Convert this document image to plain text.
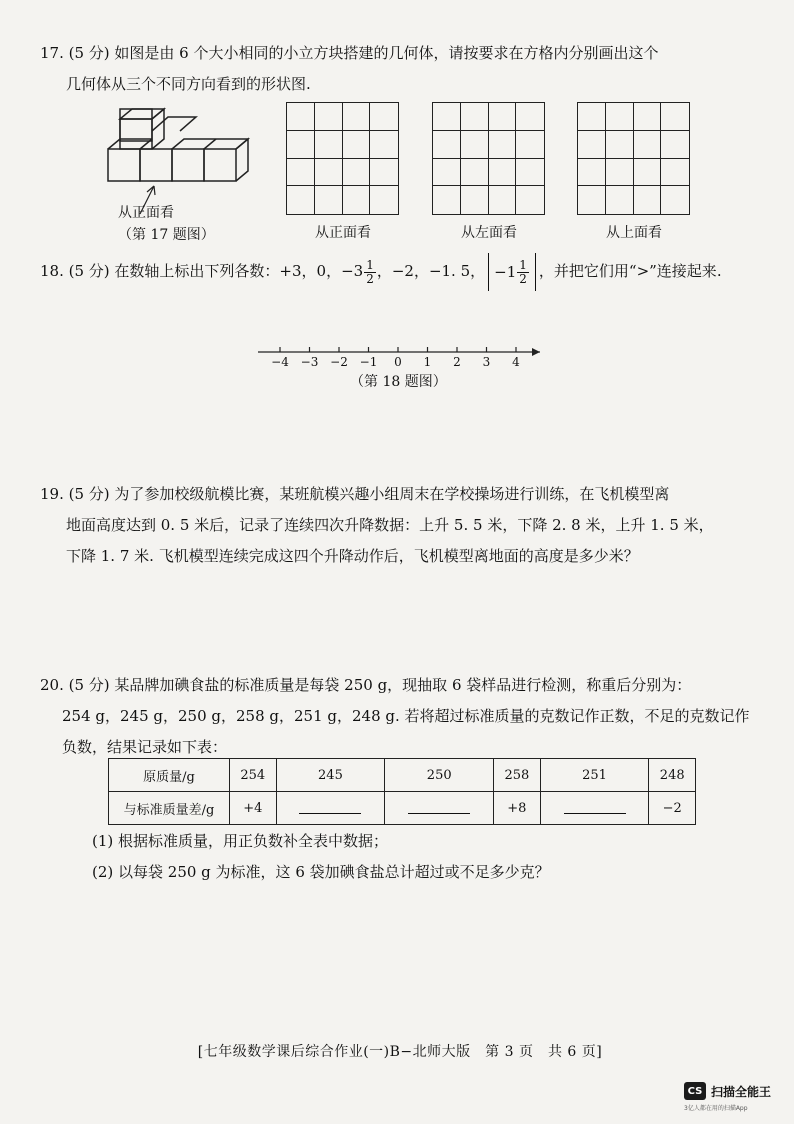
17. (5 分) 如图是由 6 个大小相同的小立方块搭建的几何体，请按要求在方格内分别画出这个
几何体从三个不同方向看到的形状图.
从正面看
（第 17 题图）	从正面看	从左面看	从上面看
18. (5 分) 在数轴上标出下列各数：+3，0，$-3 \frac{1}{2}$ ，−2，−1. 5， $-1 \frac{1}{2}$ ，并把它们用“>”连接起来.
−4 −3 −2 −1 0 1 2 3 4
（第 18 题图）
19. (5 分) 为了参加校级航模比赛，某班航模兴趣小组周末在学校操场进行训练，在飞机模型离
地面高度达到 0. 5 米后，记录了连续四次升降数据：上升 5. 5 米，下降 2. 8 米，上升 1. 5 米，
下降 1. 7 米. 飞机模型连续完成这四个升降动作后，飞机模型离地面的高度是多少米？
20. (5 分) 某品牌加碘食盐的标准质量是每袋 250 g，现抽取 6 袋样品进行检测，称重后分别为：
254 g，245 g，250 g，258 g，251 g，248 g. 若将超过标准质量的克数记作正数，不足的克数记作
负数，结果记录如下表：
原质量/g	254	245	250	258	251	248
与标准质量差/g	+4			+8		−2
(1) 根据标准质量，用正负数补全表中数据；
(2) 以每袋 250 g 为标准，这 6 袋加碘食盐总计超过或不足多少克？
[七年级数学课后综合作业(一)B−北师大版　第 3 页　共 6 页]
CS 扫描全能王
3亿人都在用的扫描App
